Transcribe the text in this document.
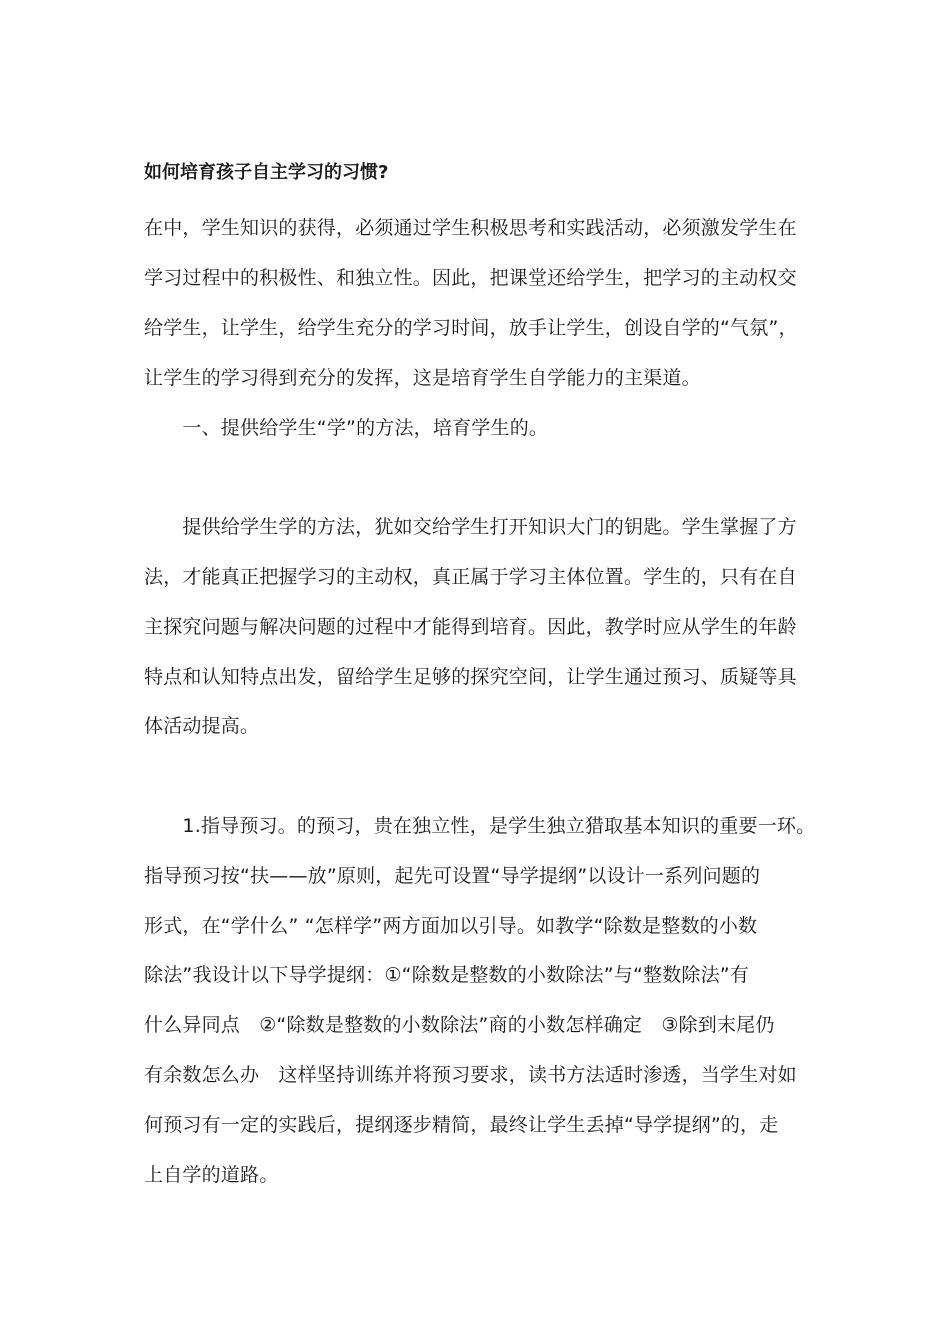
如何培育孩子自主学习的习惯?
在中，学生知识的获得，必须通过学生积极思考和实践活动，必须激发学生在
学习过程中的积极性、和独立性。因此，把课堂还给学生，把学习的主动权交
给学生，让学生，给学生充分的学习时间，放手让学生，创设自学的“气氛”，
让学生的学习得到充分的发挥，这是培育学生自学能力的主渠道。
　　一、提供给学生“学”的方法，培育学生的。
　　提供给学生学的方法，犹如交给学生打开知识大门的钥匙。学生掌握了方
法，才能真正把握学习的主动权，真正属于学习主体位置。学生的，只有在自
主探究问题与解决问题的过程中才能得到培育。因此，教学时应从学生的年龄
特点和认知特点出发，留给学生足够的探究空间，让学生通过预习、质疑等具
体活动提高。
　　1.指导预习。的预习，贵在独立性，是学生独立猎取基本知识的重要一环。
指导预习按“扶——放”原则，起先可设置“导学提纲”以设计一系列问题的
形式，在“学什么” “怎样学”两方面加以引导。如教学“除数是整数的小数
除法”我设计以下导学提纲：①“除数是整数的小数除法”与“整数除法”有
什么异同点　②“除数是整数的小数除法”商的小数怎样确定　③除到末尾仍
有余数怎么办　这样坚持训练并将预习要求，读书方法适时渗透，当学生对如
何预习有一定的实践后，提纲逐步精简，最终让学生丢掉“导学提纲”的，走
上自学的道路。
